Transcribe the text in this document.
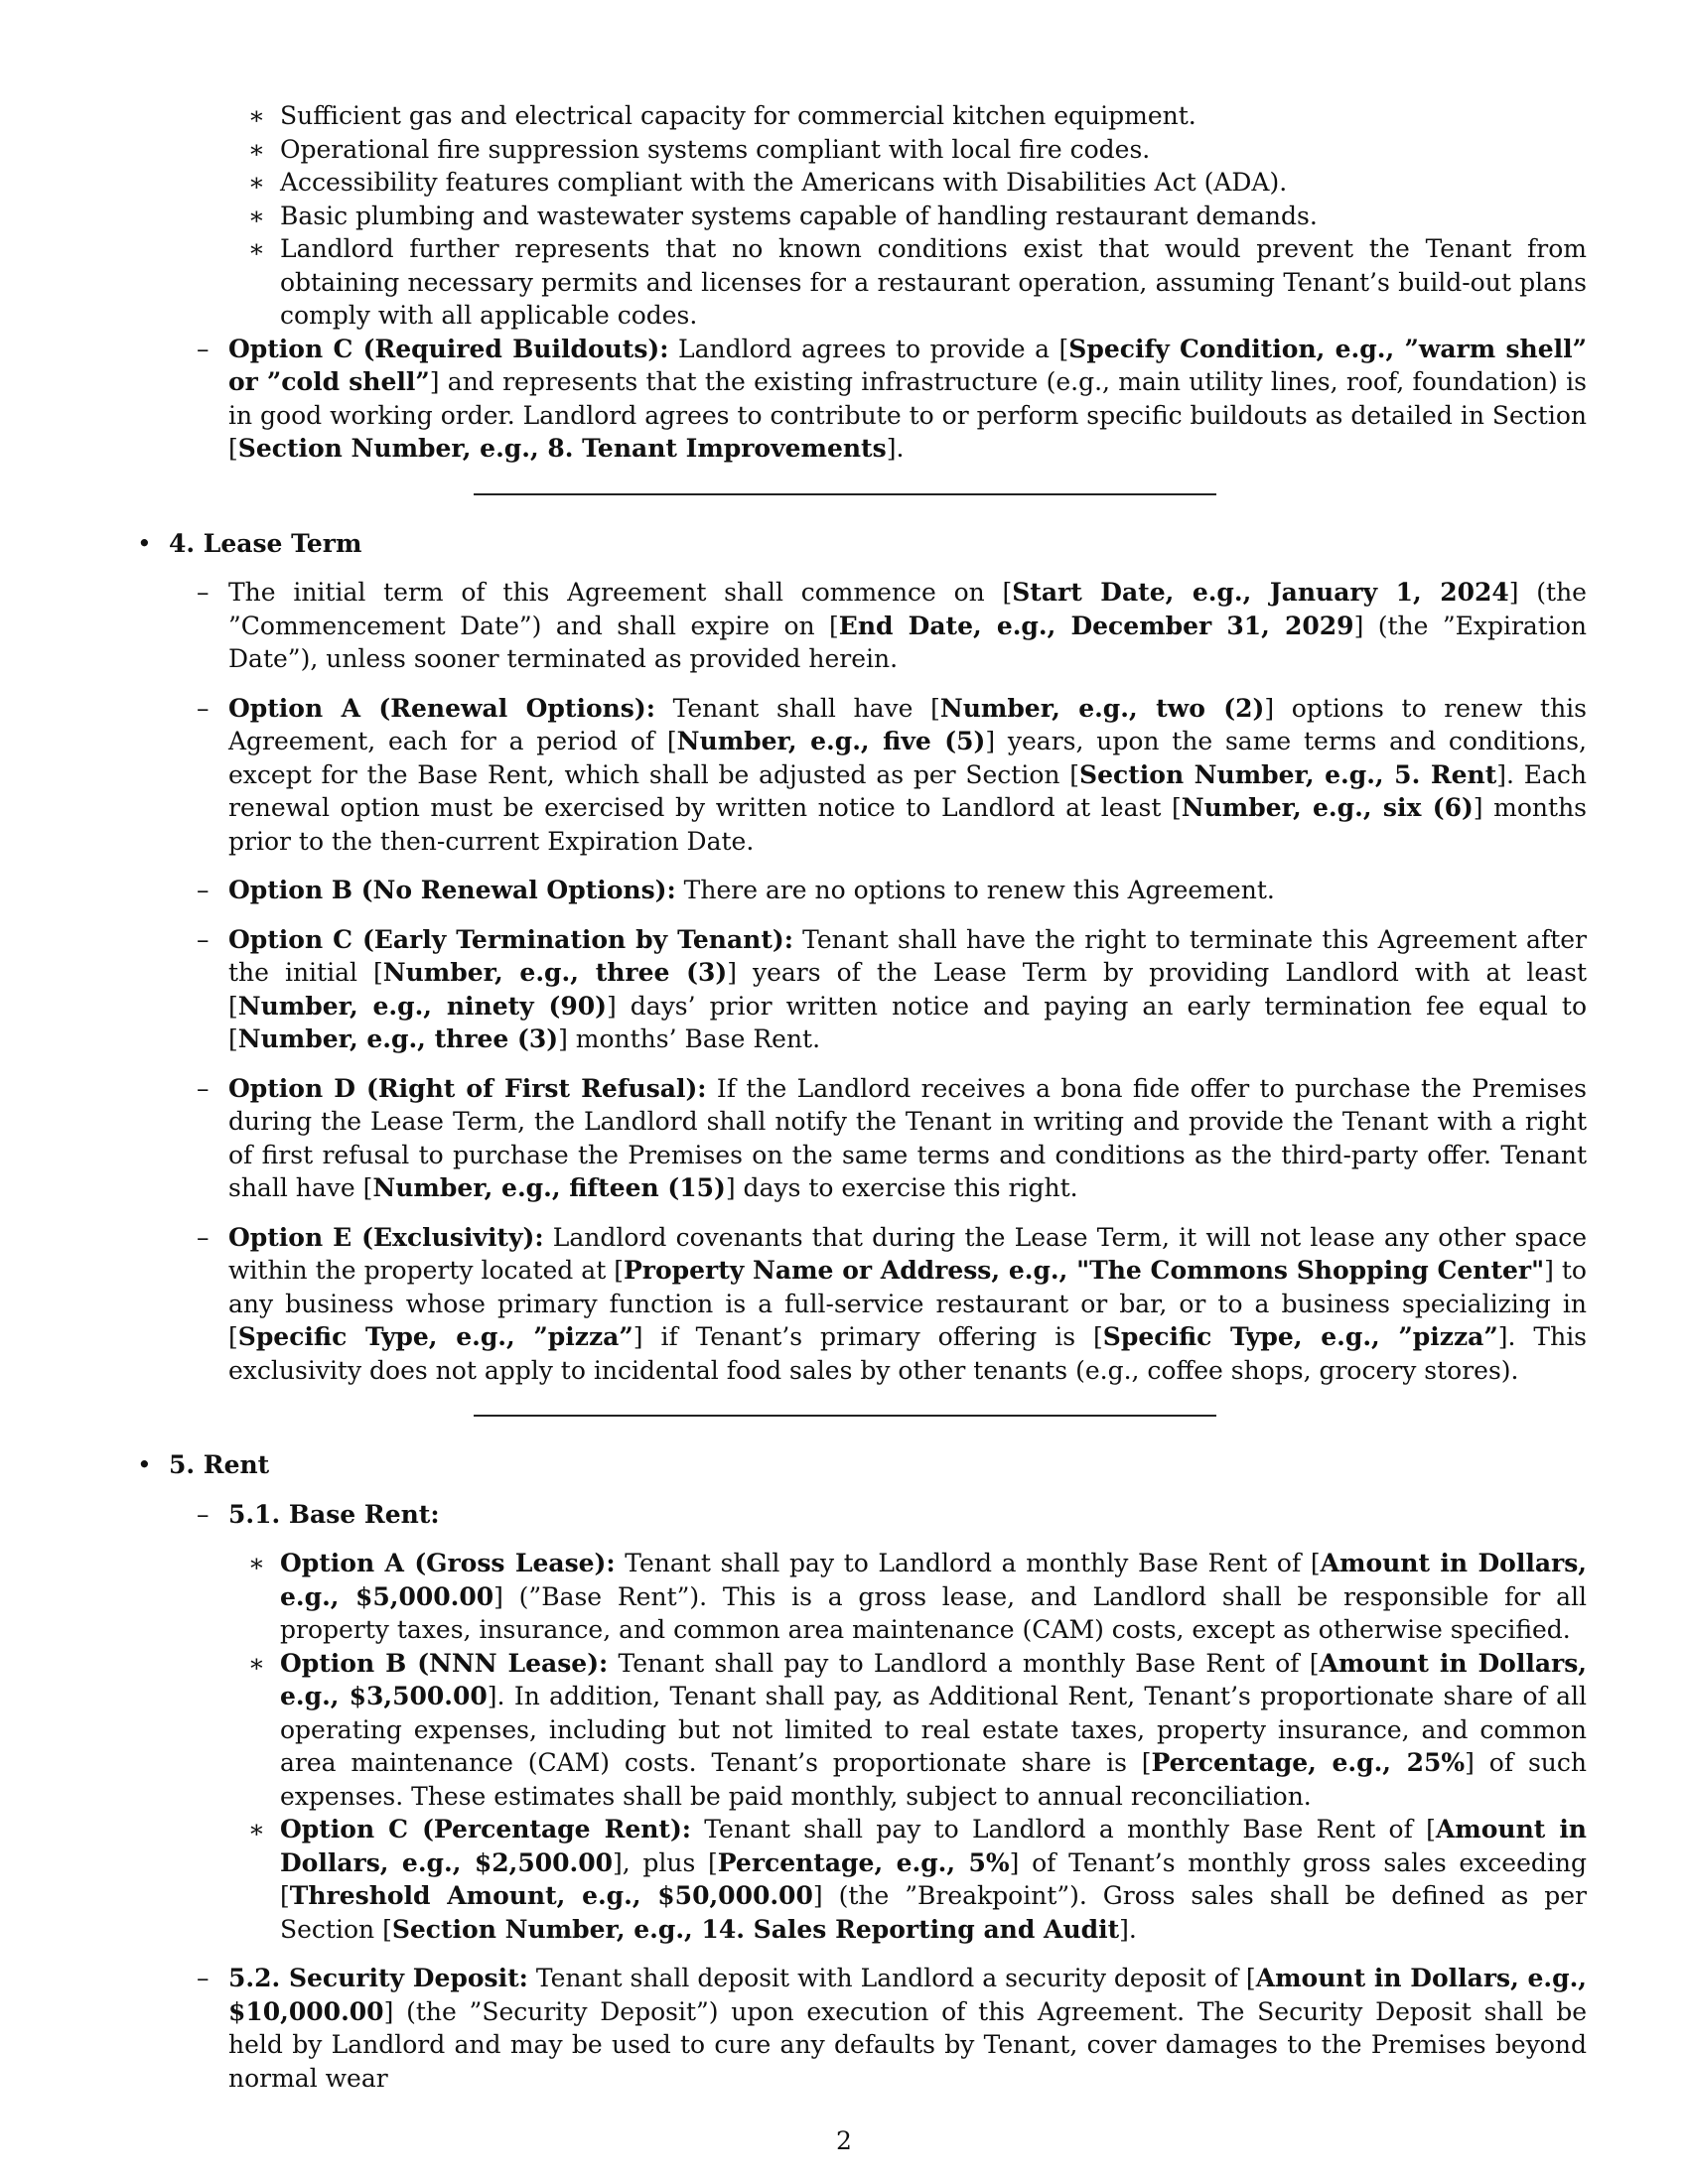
∗ Sufficient gas and electrical capacity for commercial kitchen equipment.

∗ Operational fire suppression systems compliant with local fire codes.

∗ Accessibility features compliant with the Americans with Disabilities Act (ADA).

∗ Basic plumbing and wastewater systems capable of handling restaurant demands.

∗ Landlord further represents that no known conditions exist that would prevent the Tenant from obtaining necessary permits and licenses for a restaurant operation, assuming Tenant’s build-out plans comply with all applicable codes.

– Option C (Required Buildouts): Landlord agrees to provide a [Specify Condition, e.g., ”warm shell” or ”cold shell”] and represents that the existing infrastructure (e.g., main utility lines, roof, foundation) is in good working order. Landlord agrees to contribute to or perform specific buildouts as detailed in Section [Section Number, e.g., 8. Tenant Improvements].

• 4. Lease Term

– The initial term of this Agreement shall commence on [Start Date, e.g., January 1, 2024] (the ”Commencement Date”) and shall expire on [End Date, e.g., December 31, 2029] (the ”Expiration Date”), unless sooner terminated as provided herein.

– Option A (Renewal Options): Tenant shall have [Number, e.g., two (2)] options to renew this Agreement, each for a period of [Number, e.g., five (5)] years, upon the same terms and conditions, except for the Base Rent, which shall be adjusted as per Section [Section Number, e.g., 5. Rent]. Each renewal option must be exercised by written notice to Landlord at least [Number, e.g., six (6)] months prior to the then-current Expiration Date.

– Option B (No Renewal Options): There are no options to renew this Agreement.

– Option C (Early Termination by Tenant): Tenant shall have the right to terminate this Agreement after the initial [Number, e.g., three (3)] years of the Lease Term by providing Landlord with at least [Number, e.g., ninety (90)] days’ prior written notice and paying an early termination fee equal to [Number, e.g., three (3)] months’ Base Rent.

– Option D (Right of First Refusal): If the Landlord receives a bona fide offer to purchase the Premises during the Lease Term, the Landlord shall notify the Tenant in writing and provide the Tenant with a right of first refusal to purchase the Premises on the same terms and conditions as the third-party offer. Tenant shall have [Number, e.g., fifteen (15)] days to exercise this right.

– Option E (Exclusivity): Landlord covenants that during the Lease Term, it will not lease any other space within the property located at [Property Name or Address, e.g., "The Commons Shopping Center"] to any business whose primary function is a full-service restaurant or bar, or to a business specializing in [Specific Type, e.g., ”pizza”] if Tenant’s primary offering is [Specific Type, e.g., ”pizza”]. This exclusivity does not apply to incidental food sales by other tenants (e.g., coffee shops, grocery stores).

• 5. Rent

– 5.1. Base Rent:

∗ Option A (Gross Lease): Tenant shall pay to Landlord a monthly Base Rent of [Amount in Dollars, e.g., $5,000.00] (”Base Rent”). This is a gross lease, and Landlord shall be responsible for all property taxes, insurance, and common area maintenance (CAM) costs, except as otherwise specified.

∗ Option B (NNN Lease): Tenant shall pay to Landlord a monthly Base Rent of [Amount in Dollars, e.g., $3,500.00]. In addition, Tenant shall pay, as Additional Rent, Tenant’s proportionate share of all operating expenses, including but not limited to real estate taxes, property insurance, and common area maintenance (CAM) costs. Tenant’s proportionate share is [Percentage, e.g., 25%] of such expenses. These estimates shall be paid monthly, subject to annual reconciliation.

∗ Option C (Percentage Rent): Tenant shall pay to Landlord a monthly Base Rent of [Amount in Dollars, e.g., $2,500.00], plus [Percentage, e.g., 5%] of Tenant’s monthly gross sales exceeding [Threshold Amount, e.g., $50,000.00] (the ”Breakpoint”). Gross sales shall be defined as per Section [Section Number, e.g., 14. Sales Reporting and Audit].

– 5.2. Security Deposit: Tenant shall deposit with Landlord a security deposit of [Amount in Dollars, e.g., $10,000.00] (the ”Security Deposit”) upon execution of this Agreement. The Security Deposit shall be held by Landlord and may be used to cure any defaults by Tenant, cover damages to the Premises beyond normal wear

2
